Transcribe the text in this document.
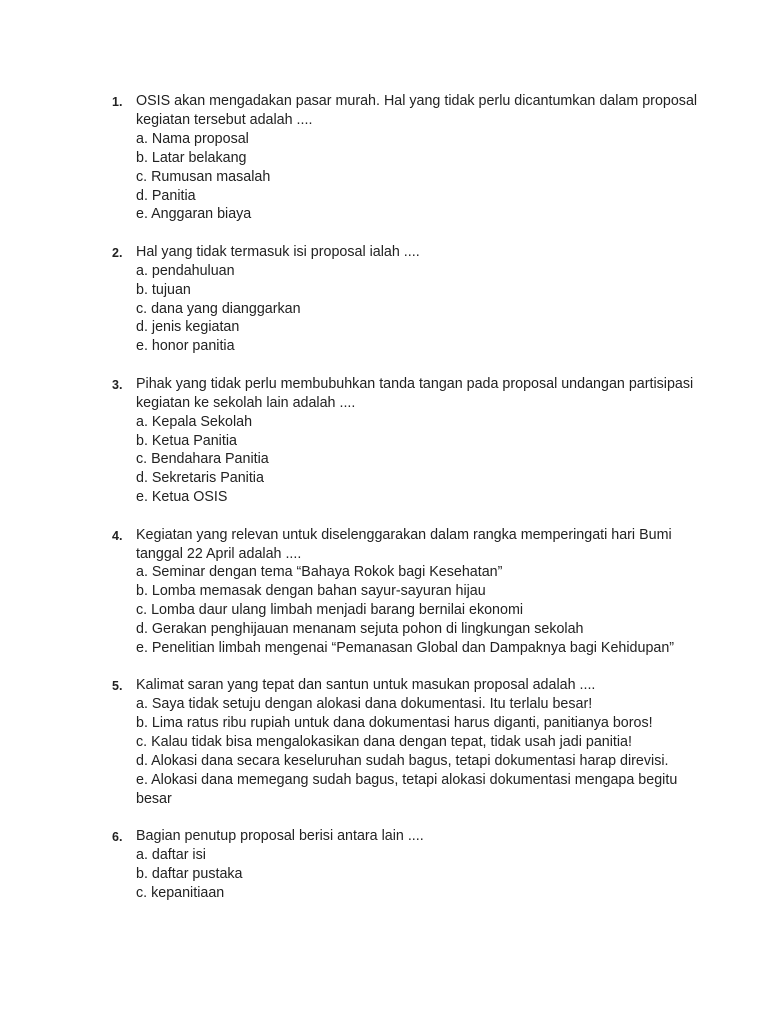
1. OSIS akan mengadakan pasar murah. Hal yang tidak perlu dicantumkan dalam proposal kegiatan tersebut adalah ....
a. Nama proposal
b. Latar belakang
c. Rumusan masalah
d. Panitia
e. Anggaran biaya
2. Hal yang tidak termasuk isi proposal ialah ....
a. pendahuluan
b. tujuan
c. dana yang dianggarkan
d. jenis kegiatan
e. honor panitia
3. Pihak yang tidak perlu membubuhkan tanda tangan pada proposal undangan partisipasi kegiatan ke sekolah lain adalah ....
a. Kepala Sekolah
b. Ketua Panitia
c. Bendahara Panitia
d. Sekretaris Panitia
e. Ketua OSIS
4. Kegiatan yang relevan untuk diselenggarakan dalam rangka memperingati hari Bumi tanggal 22 April adalah ....
a. Seminar dengan tema “Bahaya Rokok bagi Kesehatan”
b. Lomba memasak dengan bahan sayur-sayuran hijau
c. Lomba daur ulang limbah menjadi barang bernilai ekonomi
d. Gerakan penghijauan menanam sejuta pohon di lingkungan sekolah
e. Penelitian limbah mengenai “Pemanasan Global dan Dampaknya bagi Kehidupan”
5. Kalimat saran yang tepat dan santun untuk masukan proposal adalah ....
a. Saya tidak setuju dengan alokasi dana dokumentasi. Itu terlalu besar!
b. Lima ratus ribu rupiah untuk dana dokumentasi harus diganti, panitianya boros!
c. Kalau tidak bisa mengalokasikan dana dengan tepat, tidak usah jadi panitia!
d. Alokasi dana secara keseluruhan sudah bagus, tetapi dokumentasi harap direvisi.
e. Alokasi dana memegang sudah bagus, tetapi alokasi dokumentasi mengapa begitu besar
6. Bagian penutup proposal berisi antara lain ....
a. daftar isi
b. daftar pustaka
c. kepanitiaan
